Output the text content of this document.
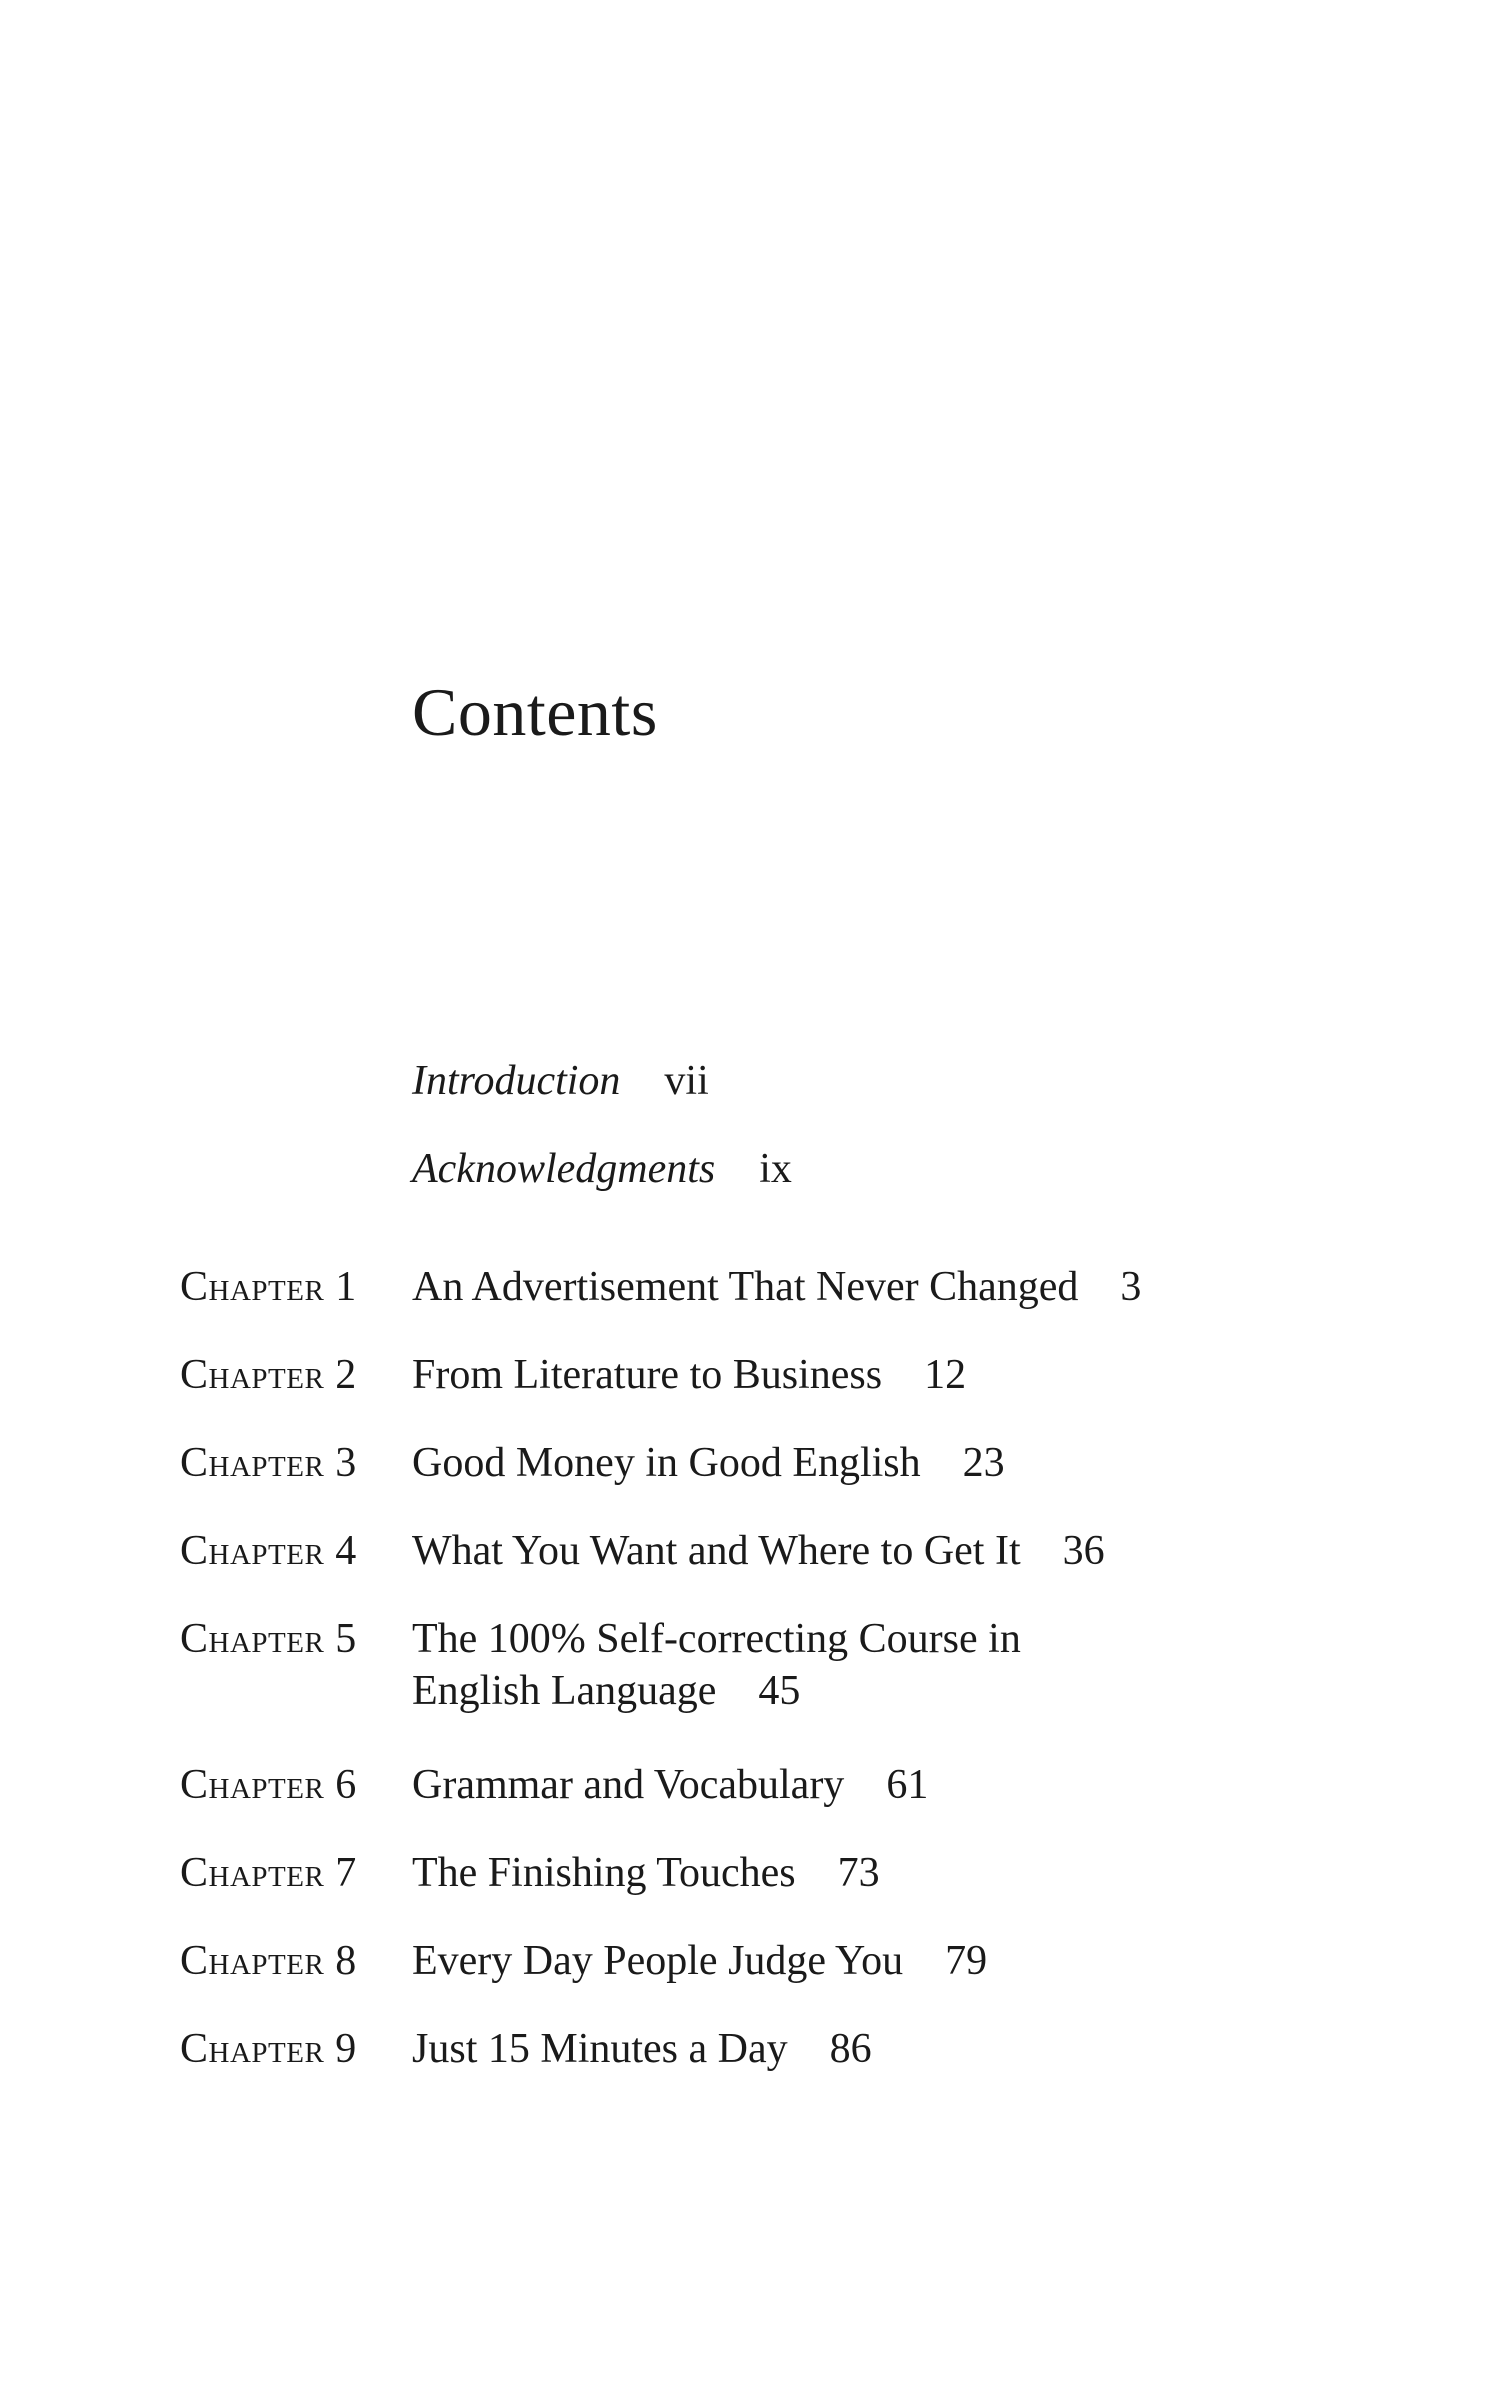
Contents
Introduction vii
Acknowledgments ix
Chapter 1 An Advertisement That Never Changed 3
Chapter 2 From Literature to Business 12
Chapter 3 Good Money in Good English 23
Chapter 4 What You Want and Where to Get It 36
Chapter 5 The 100% Self-correcting Course in
English Language 45
Chapter 6 Grammar and Vocabulary 61
Chapter 7 The Finishing Touches 73
Chapter 8 Every Day People Judge You 79
Chapter 9 Just 15 Minutes a Day 86
